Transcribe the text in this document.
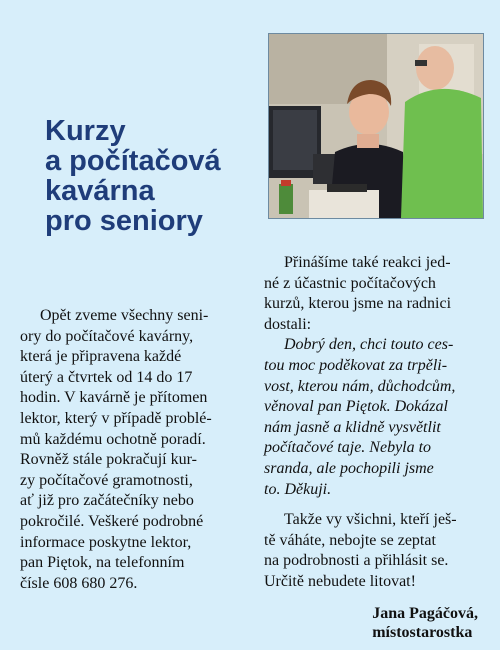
Kurzy
a počítačová
kavárna
pro seniory
Opět zveme všechny seni-
ory do počítačové kavárny,
která je připravena každé
úterý a čtvrtek od 14 do 17
hodin. V kavárně je přítomen
lektor, který v případě problé-
mů každému ochotně poradí.
Rovněž stále pokračují kur-
zy počítačové gramotnosti,
ať již pro začátečníky nebo
pokročilé. Veškeré podrobné
informace poskytne lektor,
pan Piętok, na telefonním
čísle 608 680 276.
Přinášíme také reakci jed-
né z účastnic počítačových
kurzů, kterou jsme na radnici
dostali:
Dobrý den, chci touto ces-
tou moc poděkovat za trpěli-
vost, kterou nám, důchodcům,
věnoval pan Piętok. Dokázal
nám jasně a klidně vysvětlit
počítačové taje. Nebyla to
sranda, ale pochopili jsme
to. Děkuji.
Takže vy všichni, kteří ješ-
tě váháte, nebojte se zeptat
na podrobnosti a přihlásit se.
Určitě nebudete litovat!
Jana Pagáčová,
místostarostka
